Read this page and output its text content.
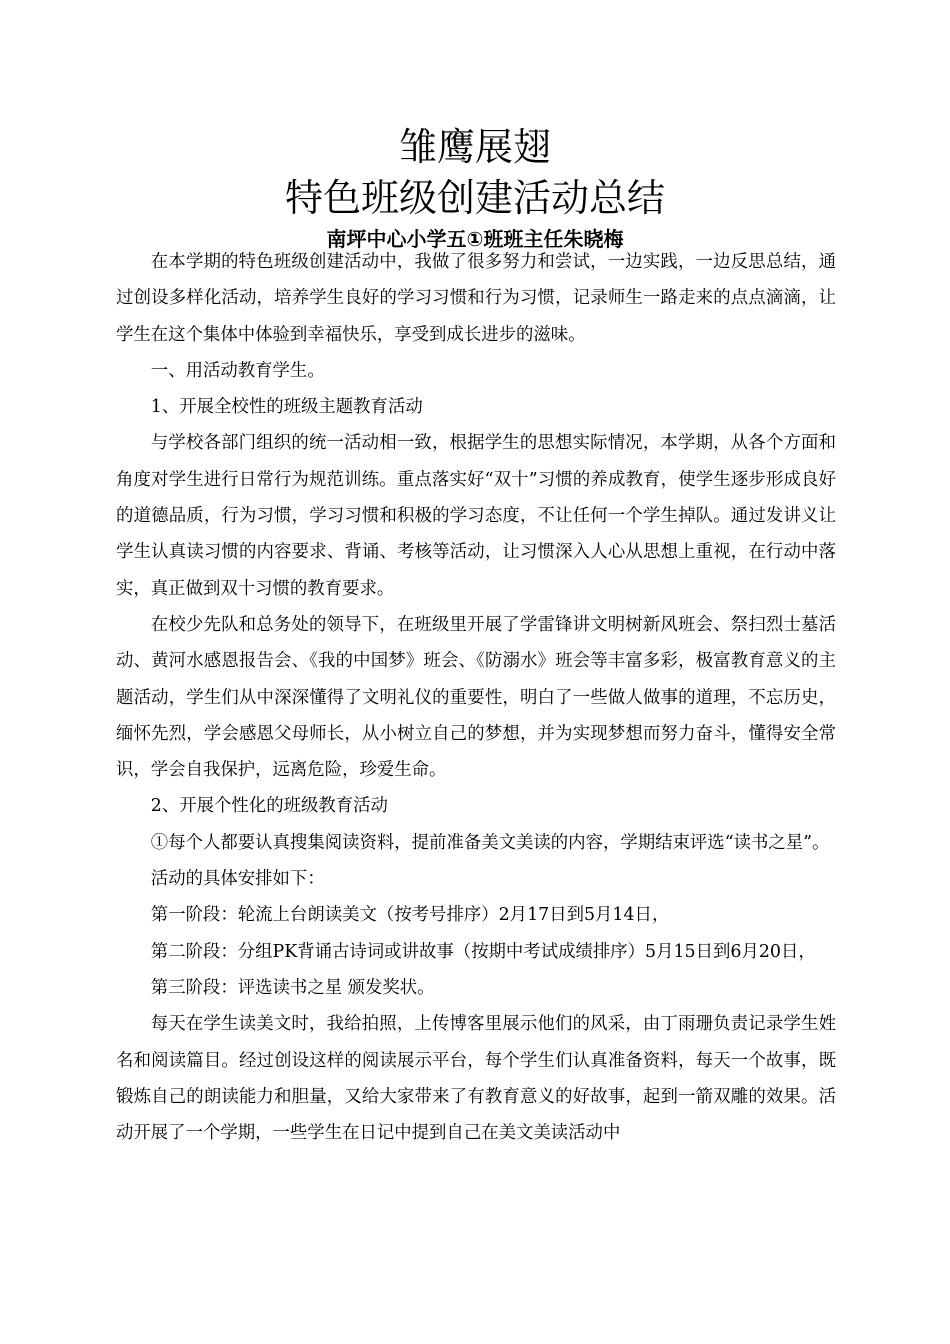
雏鹰展翅
特色班级创建活动总结

南坪中心小学五①班班主任朱晓梅

在本学期的特色班级创建活动中，我做了很多努力和尝试，一边实践，一边反思总结，通过创设多样化活动，培养学生良好的学习习惯和行为习惯，记录师生一路走来的点点滴滴，让学生在这个集体中体验到幸福快乐，享受到成长进步的滋味。

一、用活动教育学生。

1、开展全校性的班级主题教育活动

与学校各部门组织的统一活动相一致，根据学生的思想实际情况，本学期，从各个方面和角度对学生进行日常行为规范训练。重点落实好“双十”习惯的养成教育，使学生逐步形成良好的道德品质，行为习惯，学习习惯和积极的学习态度，不让任何一个学生掉队。通过发讲义让学生认真读习惯的内容要求、背诵、考核等活动，让习惯深入人心从思想上重视，在行动中落实，真正做到双十习惯的教育要求。

在校少先队和总务处的领导下，在班级里开展了学雷锋讲文明树新风班会、祭扫烈士墓活动、黄河水感恩报告会、《我的中国梦》班会、《防溺水》班会等丰富多彩，极富教育意义的主题活动，学生们从中深深懂得了文明礼仪的重要性，明白了一些做人做事的道理，不忘历史，缅怀先烈，学会感恩父母师长，从小树立自己的梦想，并为实现梦想而努力奋斗，懂得安全常识，学会自我保护，远离危险，珍爱生命。

2、开展个性化的班级教育活动

①每个人都要认真搜集阅读资料，提前准备美文美读的内容，学期结束评选“读书之星”。

活动的具体安排如下：

第一阶段：轮流上台朗读美文（按考号排序）2月17日到5月14日，

第二阶段：分组PK背诵古诗词或讲故事（按期中考试成绩排序）5月15日到6月20日，

第三阶段：评选读书之星 颁发奖状。

每天在学生读美文时，我给拍照，上传博客里展示他们的风采，由丁雨珊负责记录学生姓名和阅读篇目。经过创设这样的阅读展示平台，每个学生们认真准备资料，每天一个故事，既锻炼自己的朗读能力和胆量，又给大家带来了有教育意义的好故事，起到一箭双雕的效果。活动开展了一个学期，一些学生在日记中提到自己在美文美读活动中
